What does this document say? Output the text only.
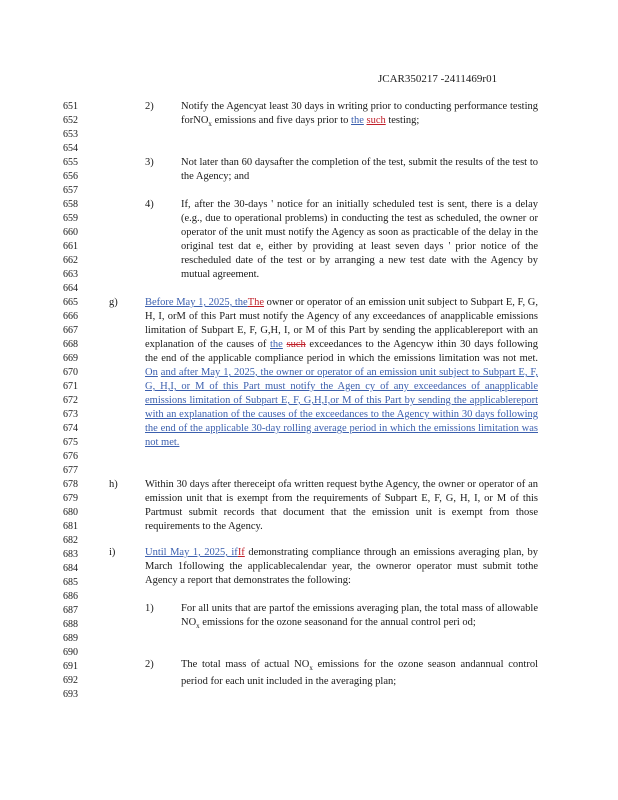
JCAR350217 -2411469r01
651
652
653
654
655
656
657
658
659
660
661
662
663
664
665
666
667
668
669
670
671
672
673
674
675
676
677
678
679
680
681
682
683
684
685
686
687
688
689
690
691
692
693
2)	Notify the Agencyat least 30 days in writing prior to conducting performance testing forNO$_x$ emissions and five days prior to the such testing;
3)	Not later than 60 daysafter the completion of the test, submit the results of the test to the Agency; and
4)	If, after the 30-days ' notice for an initially scheduled test is sent, there is a delay (e.g., due to operational problems) in conducting the test as scheduled, the owner or operator of the unit must notify the Agency as soon as practicable of the delay in the original test dat e, either by providing at least seven days ' prior notice of the rescheduled date of the test or by arranging a new test date with the Agency by mutual agreement.
g)	Before May 1, 2025, theThe owner or operator of an emission unit subject to Subpart E, F, G, H, I, orM of this Part must notify the Agency of any exceedances of anapplicable emissions limitation of Subpart E, F, G,H, I, or M of this Part by sending the applicablereport with an explanation of the causes of the such exceedances to the Agencyw ithin 30 days following the end of the applicable compliance period in which the emissions limitation was not met. On and after May 1, 2025, the owner or operator of an emission unit subject to Subpart E, F, G, H,I, or M of this Part must notify the Agen cy of any exceedances of anapplicable emissions limitation of Subpart E, F, G,H,I,or M of this Part by sending the applicablereport with an explanation of the causes of the exceedances to the Agency within 30 days following the end of the applicable 30-day rolling average period in which the emissions limitation was not met.
h)	Within 30 days after thereceipt ofa written request bythe Agency, the owner or operator of an emission unit that is exempt from the requirements of Subpart E, F, G, H, I, or M of this Partmust submit records that document that the emission unit is exempt from those requirements to the Agency.
i)	Until May 1, 2025, ifIf demonstrating compliance through an emissions averaging plan, by March 1following the applicablecalendar year, the owneror operator must submit tothe Agency a report that demonstrates the following:
1)	For all units that are partof the emissions averaging plan, the total mass of allowable $NO_x$ emissions for the ozone seasonand for the annual control peri od;
2)	The total mass of actual $NO_x$ emissions for the ozone season andannual control period for each unit included in the averaging plan;
